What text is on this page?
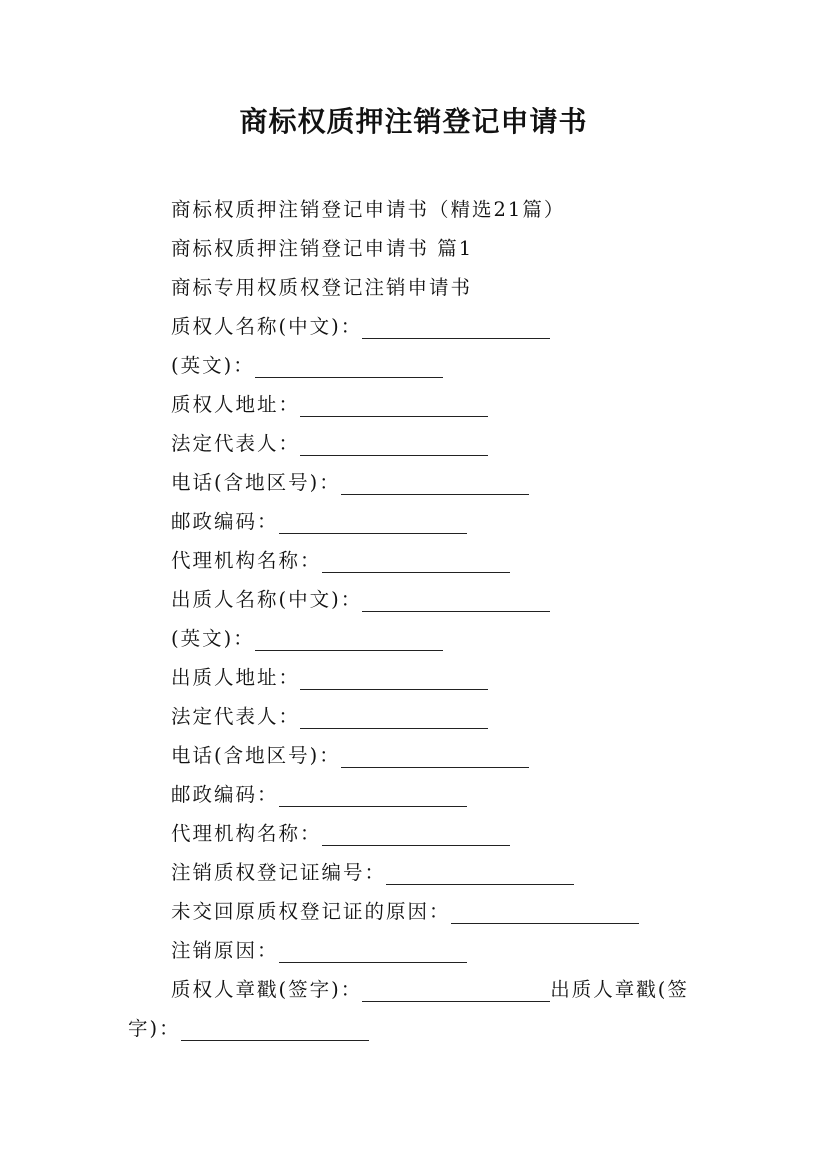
商标权质押注销登记申请书
商标权质押注销登记申请书（精选21篇）
商标权质押注销登记申请书 篇1
商标专用权质权登记注销申请书
质权人名称(中文)：
(英文)：
质权人地址：
法定代表人：
电话(含地区号)：
邮政编码：
代理机构名称：
出质人名称(中文)：
(英文)：
出质人地址：
法定代表人：
电话(含地区号)：
邮政编码：
代理机构名称：
注销质权登记证编号：
未交回原质权登记证的原因：
注销原因：
质权人章戳(签字)：	出质人章戳(签
字)：
